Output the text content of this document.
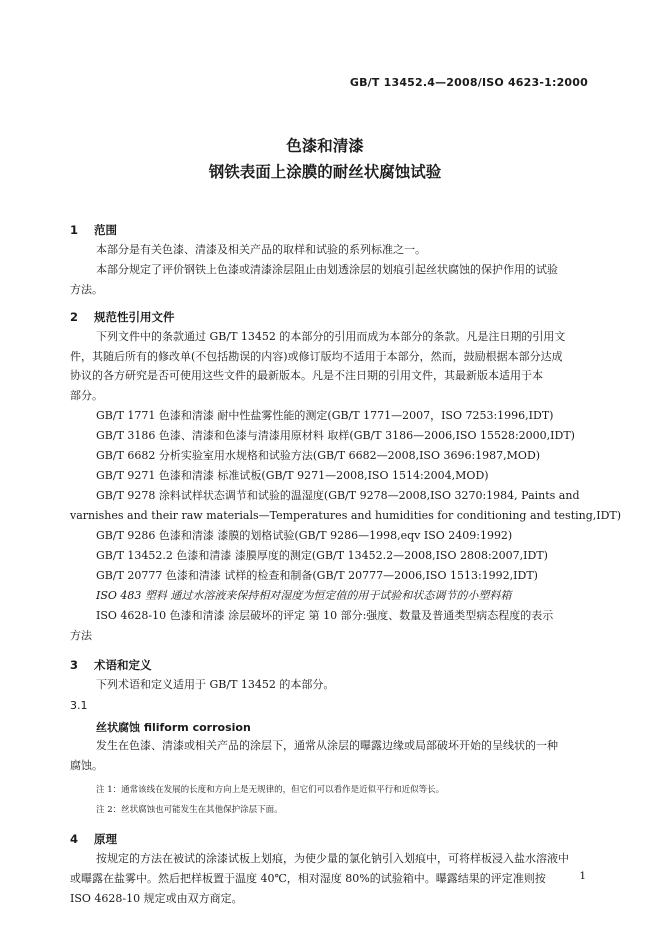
GB/T 13452.4—2008/ISO 4623-1:2000
色漆和清漆
钢铁表面上涂膜的耐丝状腐蚀试验
1 范围
本部分是有关色漆、清漆及相关产品的取样和试验的系列标准之一。
本部分规定了评价钢铁上色漆或清漆涂层阻止由划透涂层的划痕引起丝状腐蚀的保护作用的试验
方法。
2 规范性引用文件
下列文件中的条款通过 GB/T 13452 的本部分的引用而成为本部分的条款。凡是注日期的引用文
件，其随后所有的修改单(不包括勘误的内容)或修订版均不适用于本部分，然而，鼓励根据本部分达成
协议的各方研究是否可使用这些文件的最新版本。凡是不注日期的引用文件，其最新版本适用于本
部分。
GB/T 1771 色漆和清漆 耐中性盐雾性能的测定(GB/T 1771—2007，ISO 7253:1996,IDT)
GB/T 3186 色漆、清漆和色漆与清漆用原材料 取样(GB/T 3186—2006,ISO 15528:2000,IDT)
GB/T 6682 分析实验室用水规格和试验方法(GB/T 6682—2008,ISO 3696:1987,MOD)
GB/T 9271 色漆和清漆 标准试板(GB/T 9271—2008,ISO 1514:2004,MOD)
GB/T 9278 涂料试样状态调节和试验的温湿度(GB/T 9278—2008,ISO 3270:1984, Paints and
varnishes and their raw materials—Temperatures and humidities for conditioning and testing,IDT)
GB/T 9286 色漆和清漆 漆膜的划格试验(GB/T 9286—1998,eqv ISO 2409:1992)
GB/T 13452.2 色漆和清漆 漆膜厚度的测定(GB/T 13452.2—2008,ISO 2808:2007,IDT)
GB/T 20777 色漆和清漆 试样的检查和制备(GB/T 20777—2006,ISO 1513:1992,IDT)
ISO 483 塑料 通过水溶液来保持相对湿度为恒定值的用于试验和状态调节的小塑料箱
ISO 4628-10 色漆和清漆 涂层破坏的评定 第 10 部分:强度、数量及普通类型病态程度的表示
方法
3 术语和定义
下列术语和定义适用于 GB/T 13452 的本部分。
3.1
丝状腐蚀 filiform corrosion
发生在色漆、清漆或相关产品的涂层下，通常从涂层的曝露边缘或局部破坏开始的呈线状的一种
腐蚀。
注 1：通常该线在发展的长度和方向上是无规律的，但它们可以看作是近似平行和近似等长。
注 2：丝状腐蚀也可能发生在其他保护涂层下面。
4 原理
按规定的方法在被试的涂漆试板上划痕，为使少量的氯化钠引入划痕中，可将样板浸入盐水溶液中
或曝露在盐雾中。然后把样板置于温度 40℃，相对湿度 80%的试验箱中。曝露结果的评定准则按
ISO 4628-10 规定或由双方商定。
1
